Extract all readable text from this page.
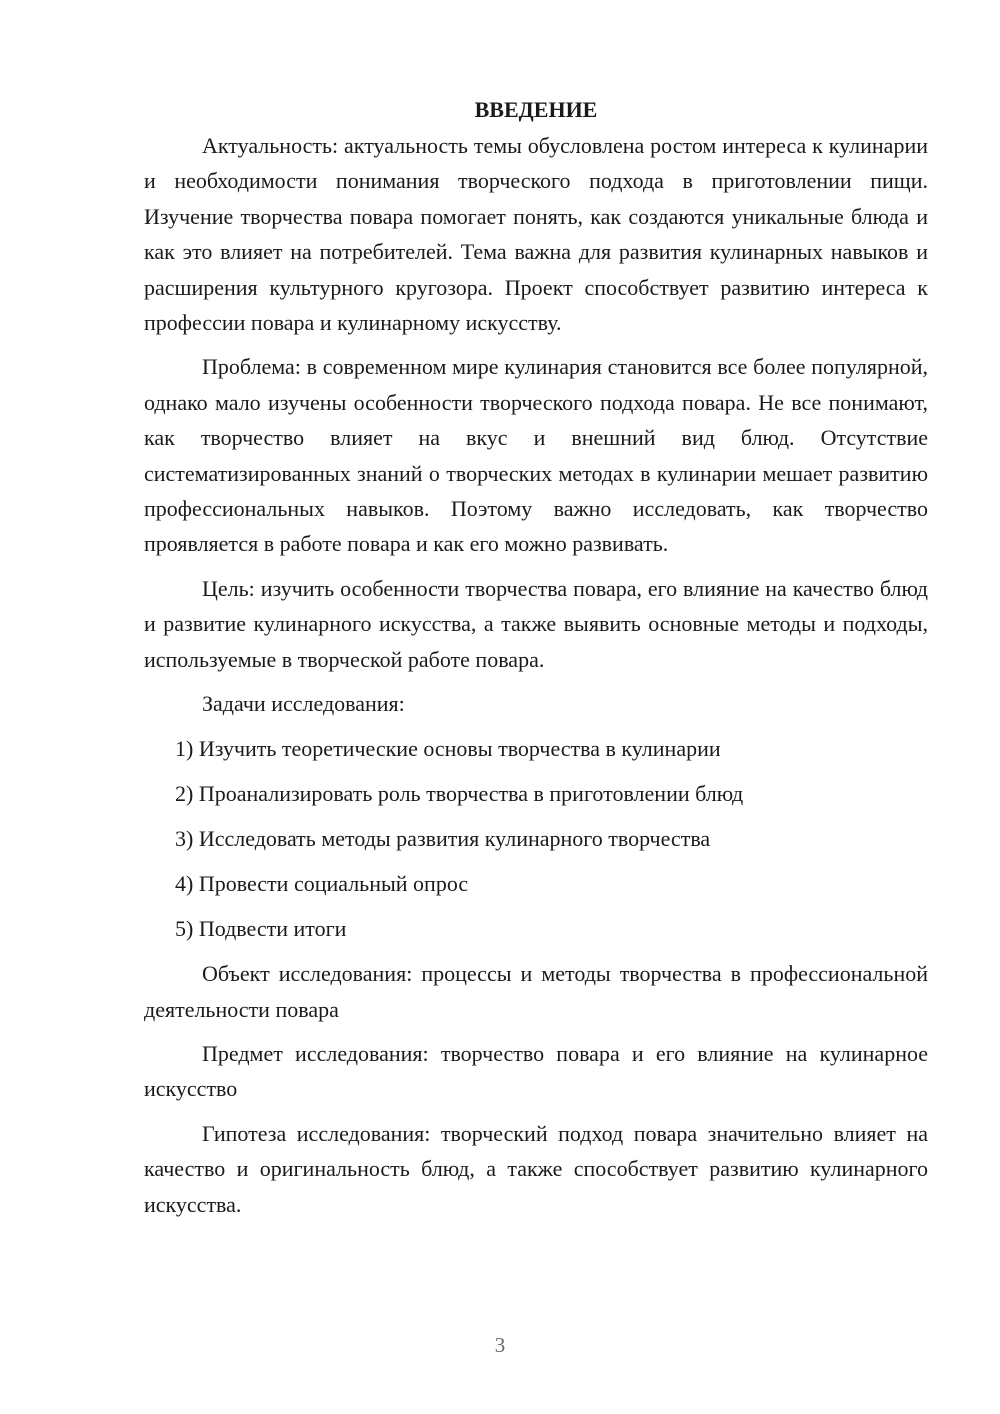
ВВЕДЕНИЕ

Актуальность: актуальность темы обусловлена ростом интереса к кулинарии и необходимости понимания творческого подхода в приготовлении пищи. Изучение творчества повара помогает понять, как создаются уникальные блюда и как это влияет на потребителей. Тема важна для развития кулинарных навыков и расширения культурного кругозора. Проект способствует развитию интереса к профессии повара и кулинарному искусству.

Проблема: в современном мире кулинария становится все более популярной, однако мало изучены особенности творческого подхода повара. Не все понимают, как творчество влияет на вкус и внешний вид блюд. Отсутствие систематизированных знаний о творческих методах в кулинарии мешает развитию профессиональных навыков. Поэтому важно исследовать, как творчество проявляется в работе повара и как его можно развивать.

Цель: изучить особенности творчества повара, его влияние на качество блюд и развитие кулинарного искусства, а также выявить основные методы и подходы, используемые в творческой работе повара.

Задачи исследования:
1) Изучить теоретические основы творчества в кулинарии
2) Проанализировать роль творчества в приготовлении блюд
3) Исследовать методы развития кулинарного творчества
4) Провести социальный опрос
5) Подвести итоги

Объект исследования: процессы и методы творчества в профессиональной деятельности повара

Предмет исследования: творчество повара и его влияние на кулинарное искусство

Гипотеза исследования: творческий подход повара значительно влияет на качество и оригинальность блюд, а также способствует развитию кулинарного искусства.

3
